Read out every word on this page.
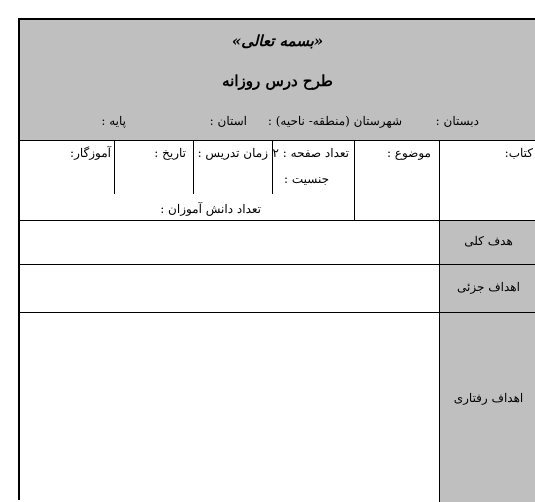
«بسمه تعالی»
طرح درس روزانه
دبستان :
شهرستان (منطقه- ناحیه) :
استان :
پایه :
کتاب:
موضوع :
تعداد صفحه : ۲
جنسیت :
زمان تدریس :
تاریخ :
آموزگار:
تعداد دانش آموزان :
هدف کلی
اهداف جزئی
اهداف رفتاری
